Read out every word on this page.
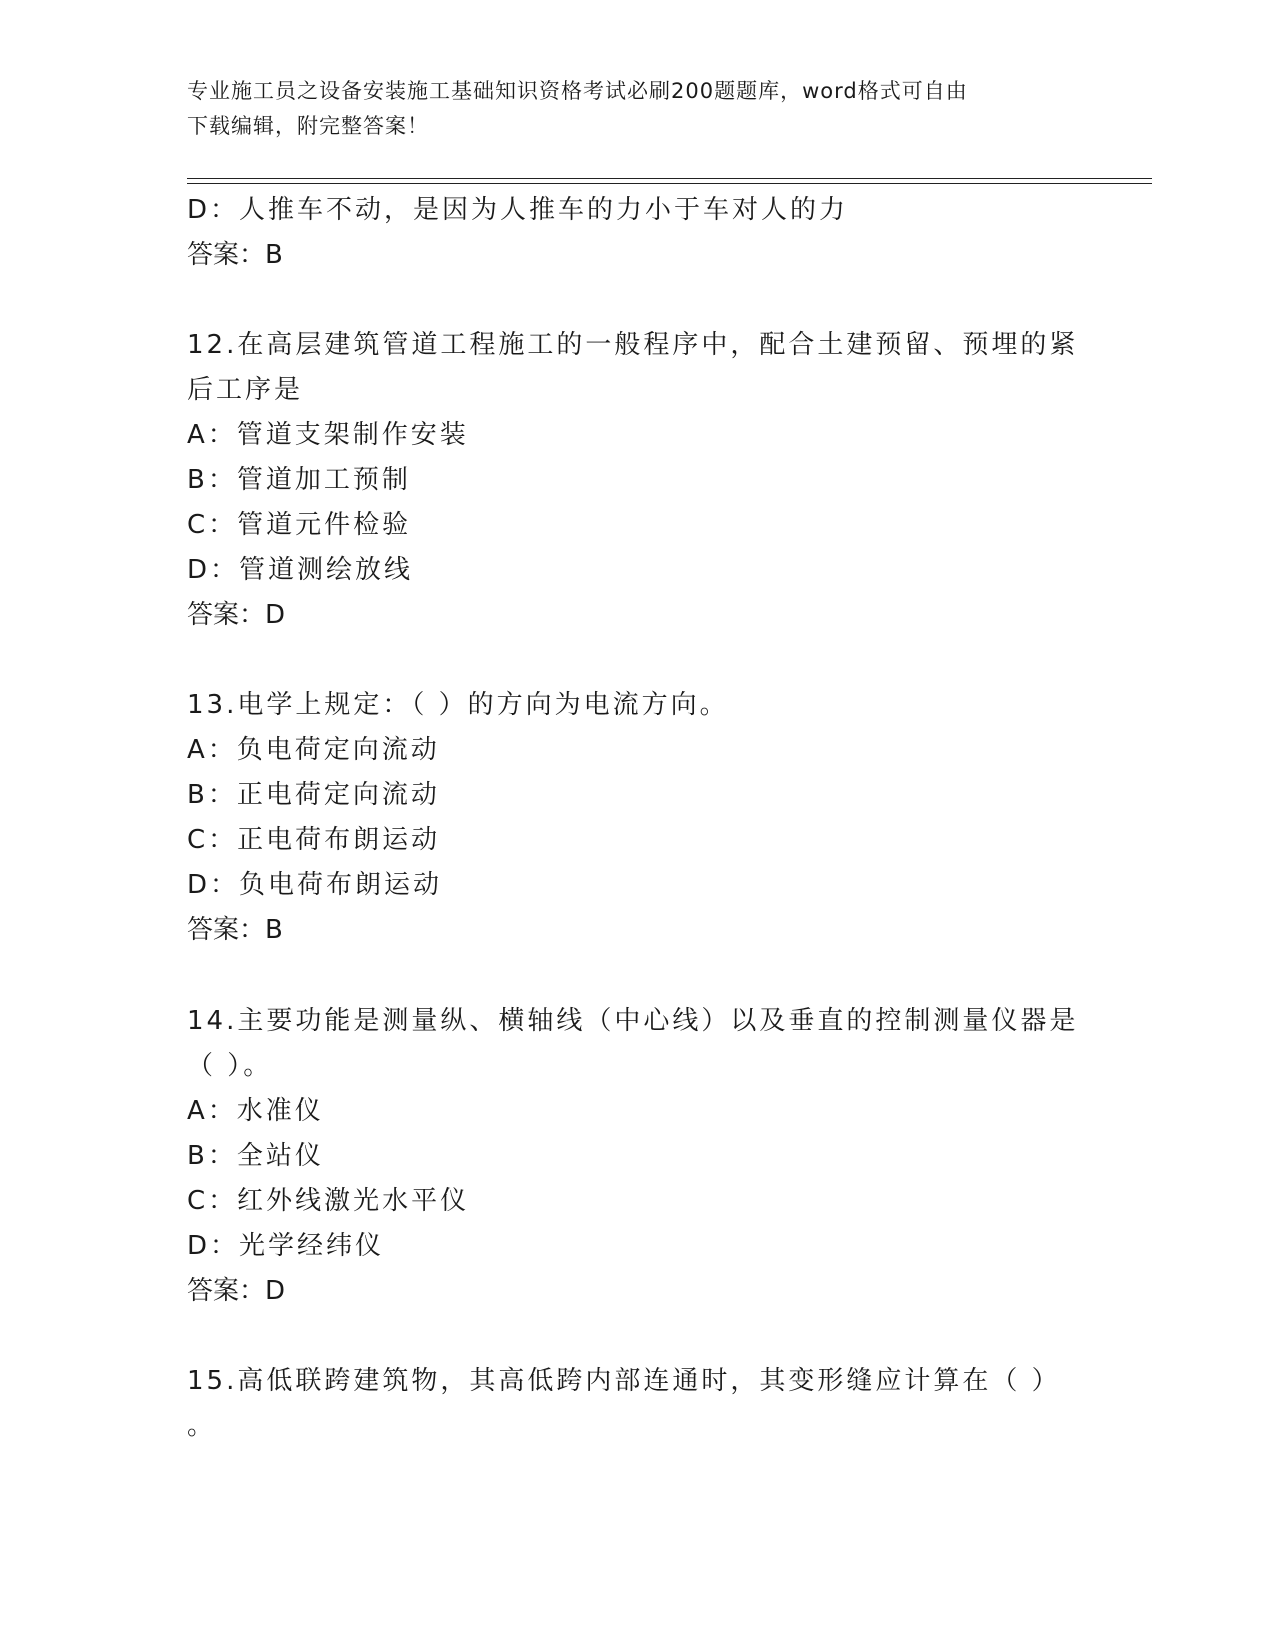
专业施工员之设备安装施工基础知识资格考试必刷200题题库，word格式可自由
下载编辑，附完整答案！
D：人推车不动，是因为人推车的力小于车对人的力
答案：B
12.在高层建筑管道工程施工的一般程序中，配合土建预留、预埋的紧
后工序是
A：管道支架制作安装
B：管道加工预制
C：管道元件检验
D：管道测绘放线
答案：D
13.电学上规定：（ ）的方向为电流方向。
A：负电荷定向流动
B：正电荷定向流动
C：正电荷布朗运动
D：负电荷布朗运动
答案：B
14.主要功能是测量纵、横轴线（中心线）以及垂直的控制测量仪器是
（ ）。
A：水准仪
B：全站仪
C：红外线激光水平仪
D：光学经纬仪
答案：D
15.高低联跨建筑物，其高低跨内部连通时，其变形缝应计算在（ ）
。
